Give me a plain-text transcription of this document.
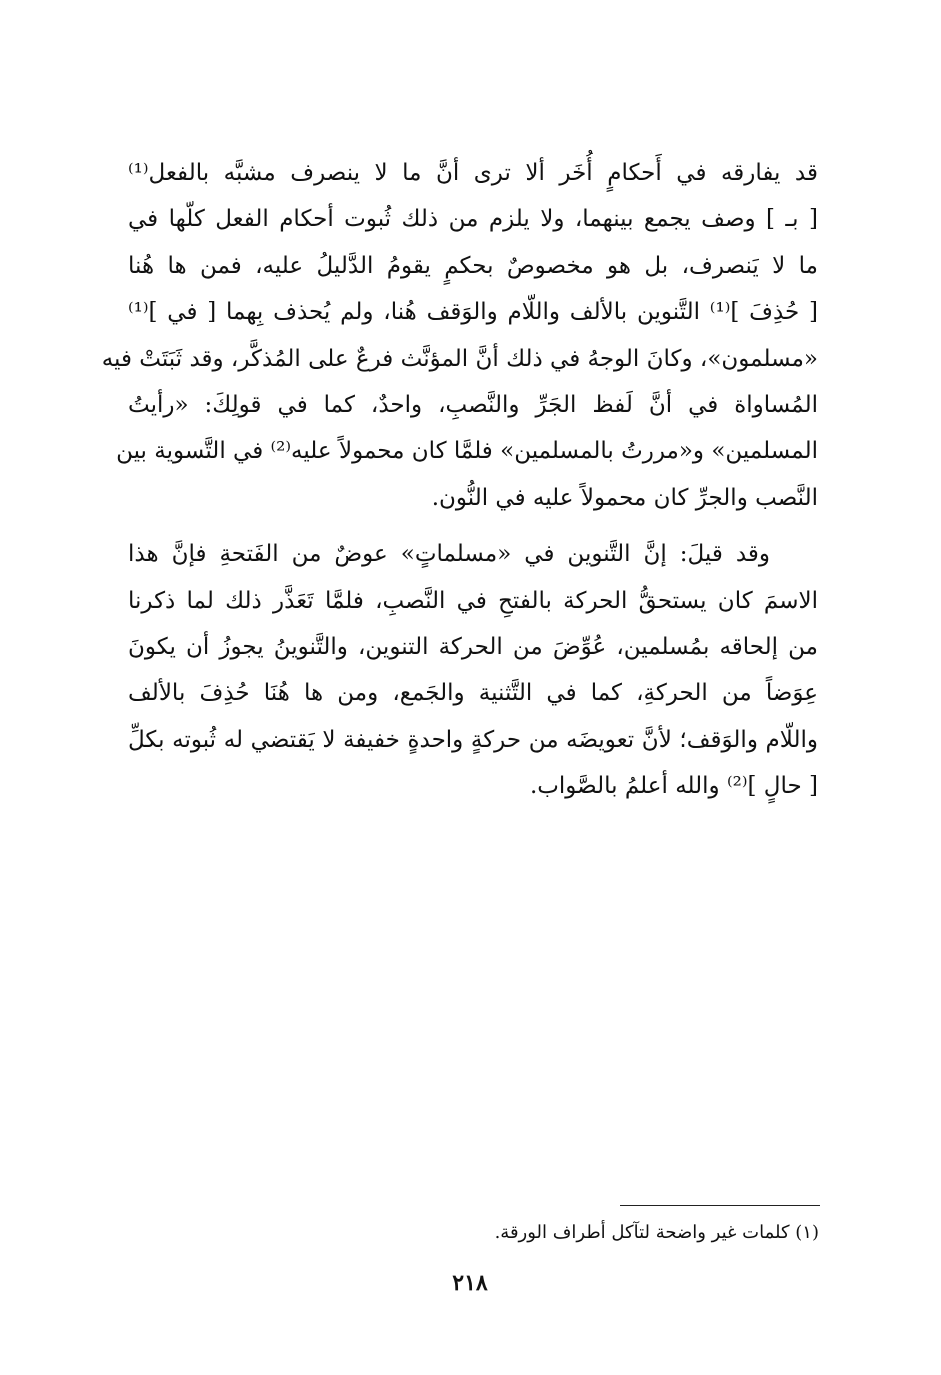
قد يفارقه في أَحكامٍ أُخَر ألا ترى أنَّ ما لا ينصرف مشبَّه بالفعل⁽¹⁾
[ بـ ] وصف يجمع بينهما، ولا يلزم من ذلك ثُبوت أحكام الفعل كلّها في
ما لا يَنصرف، بل هو مخصوصٌ بحكمٍ يقومُ الدَّليلُ عليه، فمن ها هُنا
[ حُذِفَ ]⁽¹⁾ التَّنوين بالألف واللّام والوَقف هُنا، ولم يُحذف بِهما [ في ]⁽¹⁾
«مسلمون»، وكانَ الوجهُ في ذلك أنَّ المؤنَّث فرعٌ على المُذكَّر، وقد ثَبَتَتْ فيه
المُساواة في أنَّ لَفظ الجَرِّ والنَّصبِ، واحدٌ، كما في قولِكَ: «رأيتُ
المسلمين» و«مررتُ بالمسلمين» فلمَّا كان محمولاً عليه⁽²⁾ في التَّسوية بين
النَّصب والجرِّ كان محمولاً عليه في النُّون.

وقد قيلَ: إنَّ التَّنوين في «مسلماتٍ» عوضٌ من الفَتحةِ فإنَّ هذا
الاسمَ كان يستحقُّ الحركة بالفتحِ في النَّصبِ، فلمَّا تَعَذَّر ذلك لما ذكرنا
من إلحاقه بمُسلمين، عُوِّضَ من الحركة التنوين، والتَّنوينُ يجوزُ أن يكونَ
عِوَضاً من الحركةِ، كما في التَّثنية والجَمع، ومن ها هُنَا حُذِفَ بالألف
واللّام والوَقف؛ لأنَّ تعويضَه من حركةٍ واحدةٍ خفيفة لا يَقتضي له ثُبوته بكلِّ
[ حالٍ ]⁽²⁾ والله أعلمُ بالصَّواب.

(١) كلمات غير واضحة لتآكل أطراف الورقة.
٢١٨
